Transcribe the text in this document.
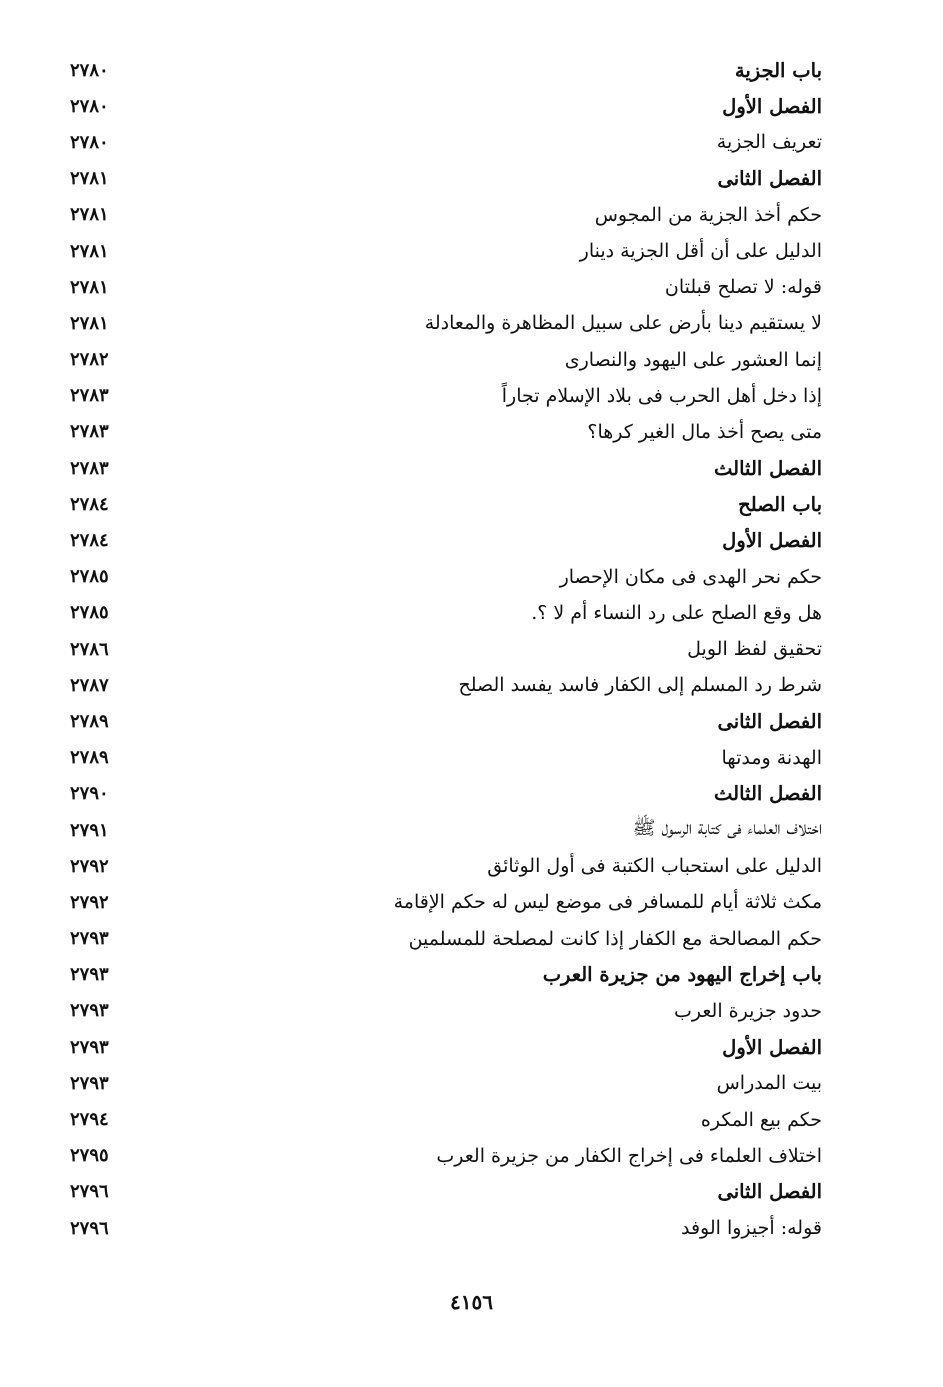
باب الجزية
٢٧٨٠
الفصل الأول
٢٧٨٠
تعريف الجزية
٢٧٨٠
الفصل الثانى
٢٧٨١
حكم أخذ الجزية من المجوس
٢٧٨١
الدليل على أن أقل الجزية دينار
٢٧٨١
قوله: لا تصلح قبلتان
٢٧٨١
لا يستقيم دينا بأرض على سبيل المظاهرة والمعادلة
٢٧٨١
إنما العشور على اليهود والنصارى
٢٧٨٢
إذا دخل أهل الحرب فى بلاد الإسلام تجاراً
٢٧٨٣
متى يصح أخذ مال الغير كرها؟
٢٧٨٣
الفصل الثالث
٢٧٨٣
باب الصلح
٢٧٨٤
الفصل الأول
٢٧٨٤
حكم نحر الهدى فى مكان الإحصار
٢٧٨٥
هل وقع الصلح على رد النساء أم لا ؟.
٢٧٨٥
تحقيق لفظ الويل
٢٧٨٦
شرط رد المسلم إلى الكفار فاسد يفسد الصلح
٢٧٨٧
الفصل الثانى
٢٧٨٩
الهدنة ومدتها
٢٧٨٩
الفصل الثالث
٢٧٩٠
اختلاف العلماء فى كتابة الرسول ﷺ
٢٧٩١
الدليل على استحباب الكتبة فى أول الوثائق
٢٧٩٢
مكث ثلاثة أيام للمسافر فى موضع ليس له حكم الإقامة
٢٧٩٢
حكم المصالحة مع الكفار إذا كانت لمصلحة للمسلمين
٢٧٩٣
باب إخراج اليهود من جزيرة العرب
٢٧٩٣
حدود جزيرة العرب
٢٧٩٣
الفصل الأول
٢٧٩٣
بيت المدراس
٢٧٩٣
حكم بيع المكره
٢٧٩٤
اختلاف العلماء فى إخراج الكفار من جزيرة العرب
٢٧٩٥
الفصل الثانى
٢٧٩٦
قوله: أجيزوا الوفد
٢٧٩٦
٤١٥٦
